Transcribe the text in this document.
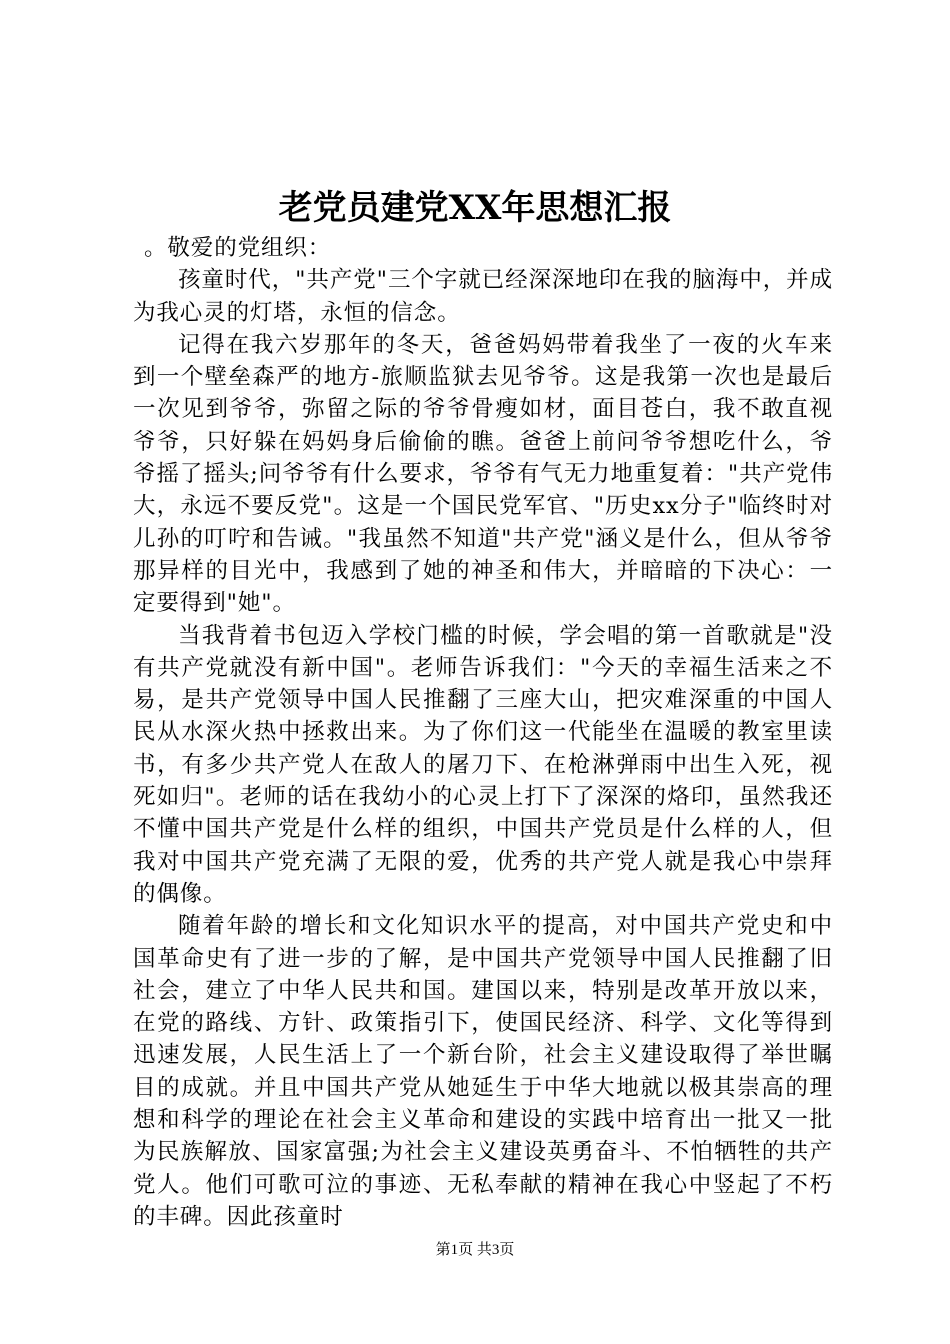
老党员建党XX年思想汇报

。敬爱的党组织：

孩童时代，"共产党"三个字就已经深深地印在我的脑海中，并成为我心灵的灯塔，永恒的信念。

记得在我六岁那年的冬天，爸爸妈妈带着我坐了一夜的火车来到一个壁垒森严的地方-旅顺监狱去见爷爷。这是我第一次也是最后一次见到爷爷，弥留之际的爷爷骨瘦如材，面目苍白，我不敢直视爷爷，只好躲在妈妈身后偷偷的瞧。爸爸上前问爷爷想吃什么，爷爷摇了摇头;问爷爷有什么要求，爷爷有气无力地重复着："共产党伟大，永远不要反党"。这是一个国民党军官、"历史xx分子"临终时对儿孙的叮咛和告诫。"我虽然不知道"共产党"涵义是什么，但从爷爷那异样的目光中，我感到了她的神圣和伟大，并暗暗的下决心：一定要得到"她"。

当我背着书包迈入学校门槛的时候，学会唱的第一首歌就是"没有共产党就没有新中国"。老师告诉我们："今天的幸福生活来之不易，是共产党领导中国人民推翻了三座大山，把灾难深重的中国人民从水深火热中拯救出来。为了你们这一代能坐在温暖的教室里读书，有多少共产党人在敌人的屠刀下、在枪淋弹雨中出生入死，视死如归"。老师的话在我幼小的心灵上打下了深深的烙印，虽然我还不懂中国共产党是什么样的组织，中国共产党员是什么样的人，但我对中国共产党充满了无限的爱，优秀的共产党人就是我心中崇拜的偶像。

随着年龄的增长和文化知识水平的提高，对中国共产党史和中国革命史有了进一步的了解，是中国共产党领导中国人民推翻了旧社会，建立了中华人民共和国。建国以来，特别是改革开放以来，在党的路线、方针、政策指引下，使国民经济、科学、文化等得到迅速发展，人民生活上了一个新台阶，社会主义建设取得了举世瞩目的成就。并且中国共产党从她延生于中华大地就以极其崇高的理想和科学的理论在社会主义革命和建设的实践中培育出一批又一批为民族解放、国家富强;为社会主义建设英勇奋斗、不怕牺牲的共产党人。他们可歌可泣的事迹、无私奉献的精神在我心中竖起了不朽的丰碑。因此孩童时

第1页 共3页
